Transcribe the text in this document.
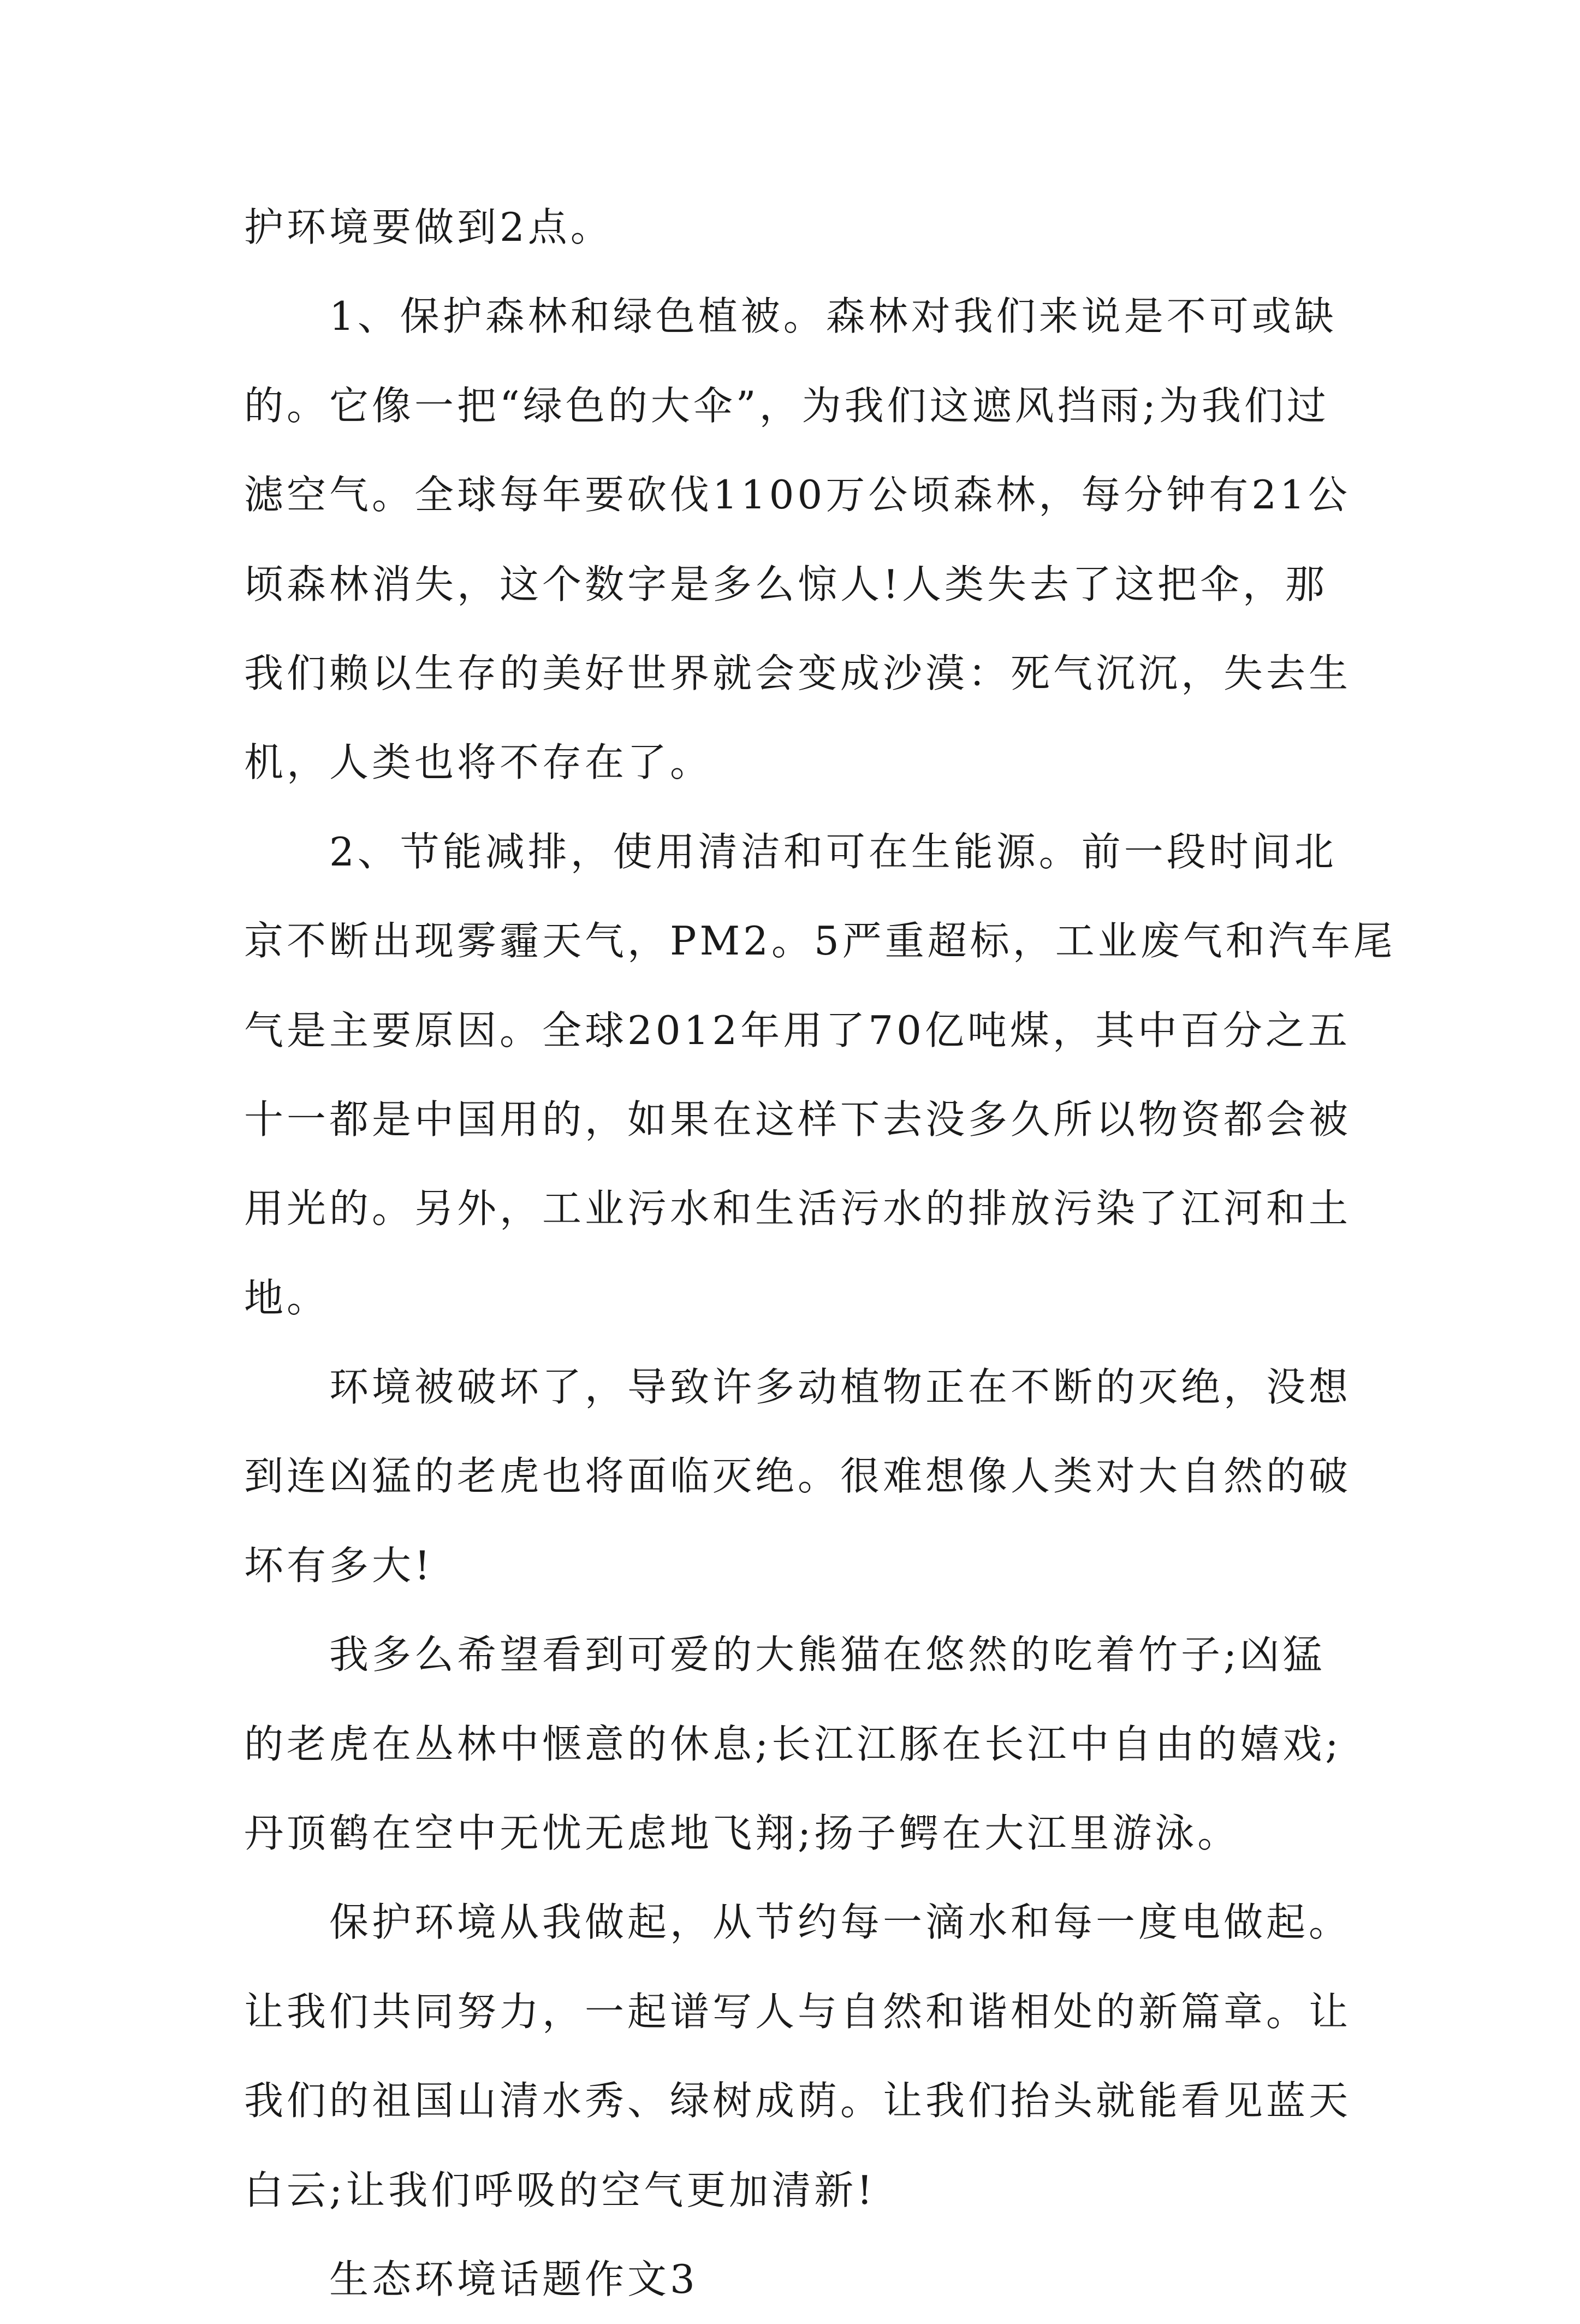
护环境要做到2点。
1、保护森林和绿色植被。森林对我们来说是不可或缺
的。它像一把“绿色的大伞”，为我们这遮风挡雨;为我们过
滤空气。全球每年要砍伐1100万公顷森林，每分钟有21公
顷森林消失，这个数字是多么惊人!人类失去了这把伞，那
我们赖以生存的美好世界就会变成沙漠：死气沉沉，失去生
机，人类也将不存在了。
2、节能减排，使用清洁和可在生能源。前一段时间北
京不断出现雾霾天气，PM2。5严重超标，工业废气和汽车尾
气是主要原因。全球2012年用了70亿吨煤，其中百分之五
十一都是中国用的，如果在这样下去没多久所以物资都会被
用光的。另外，工业污水和生活污水的排放污染了江河和土
地。
环境被破坏了，导致许多动植物正在不断的灭绝，没想
到连凶猛的老虎也将面临灭绝。很难想像人类对大自然的破
坏有多大!
我多么希望看到可爱的大熊猫在悠然的吃着竹子;凶猛
的老虎在丛林中惬意的休息;长江江豚在长江中自由的嬉戏;
丹顶鹤在空中无忧无虑地飞翔;扬子鳄在大江里游泳。
保护环境从我做起，从节约每一滴水和每一度电做起。
让我们共同努力，一起谱写人与自然和谐相处的新篇章。让
我们的祖国山清水秀、绿树成荫。让我们抬头就能看见蓝天
白云;让我们呼吸的空气更加清新!
生态环境话题作文3
